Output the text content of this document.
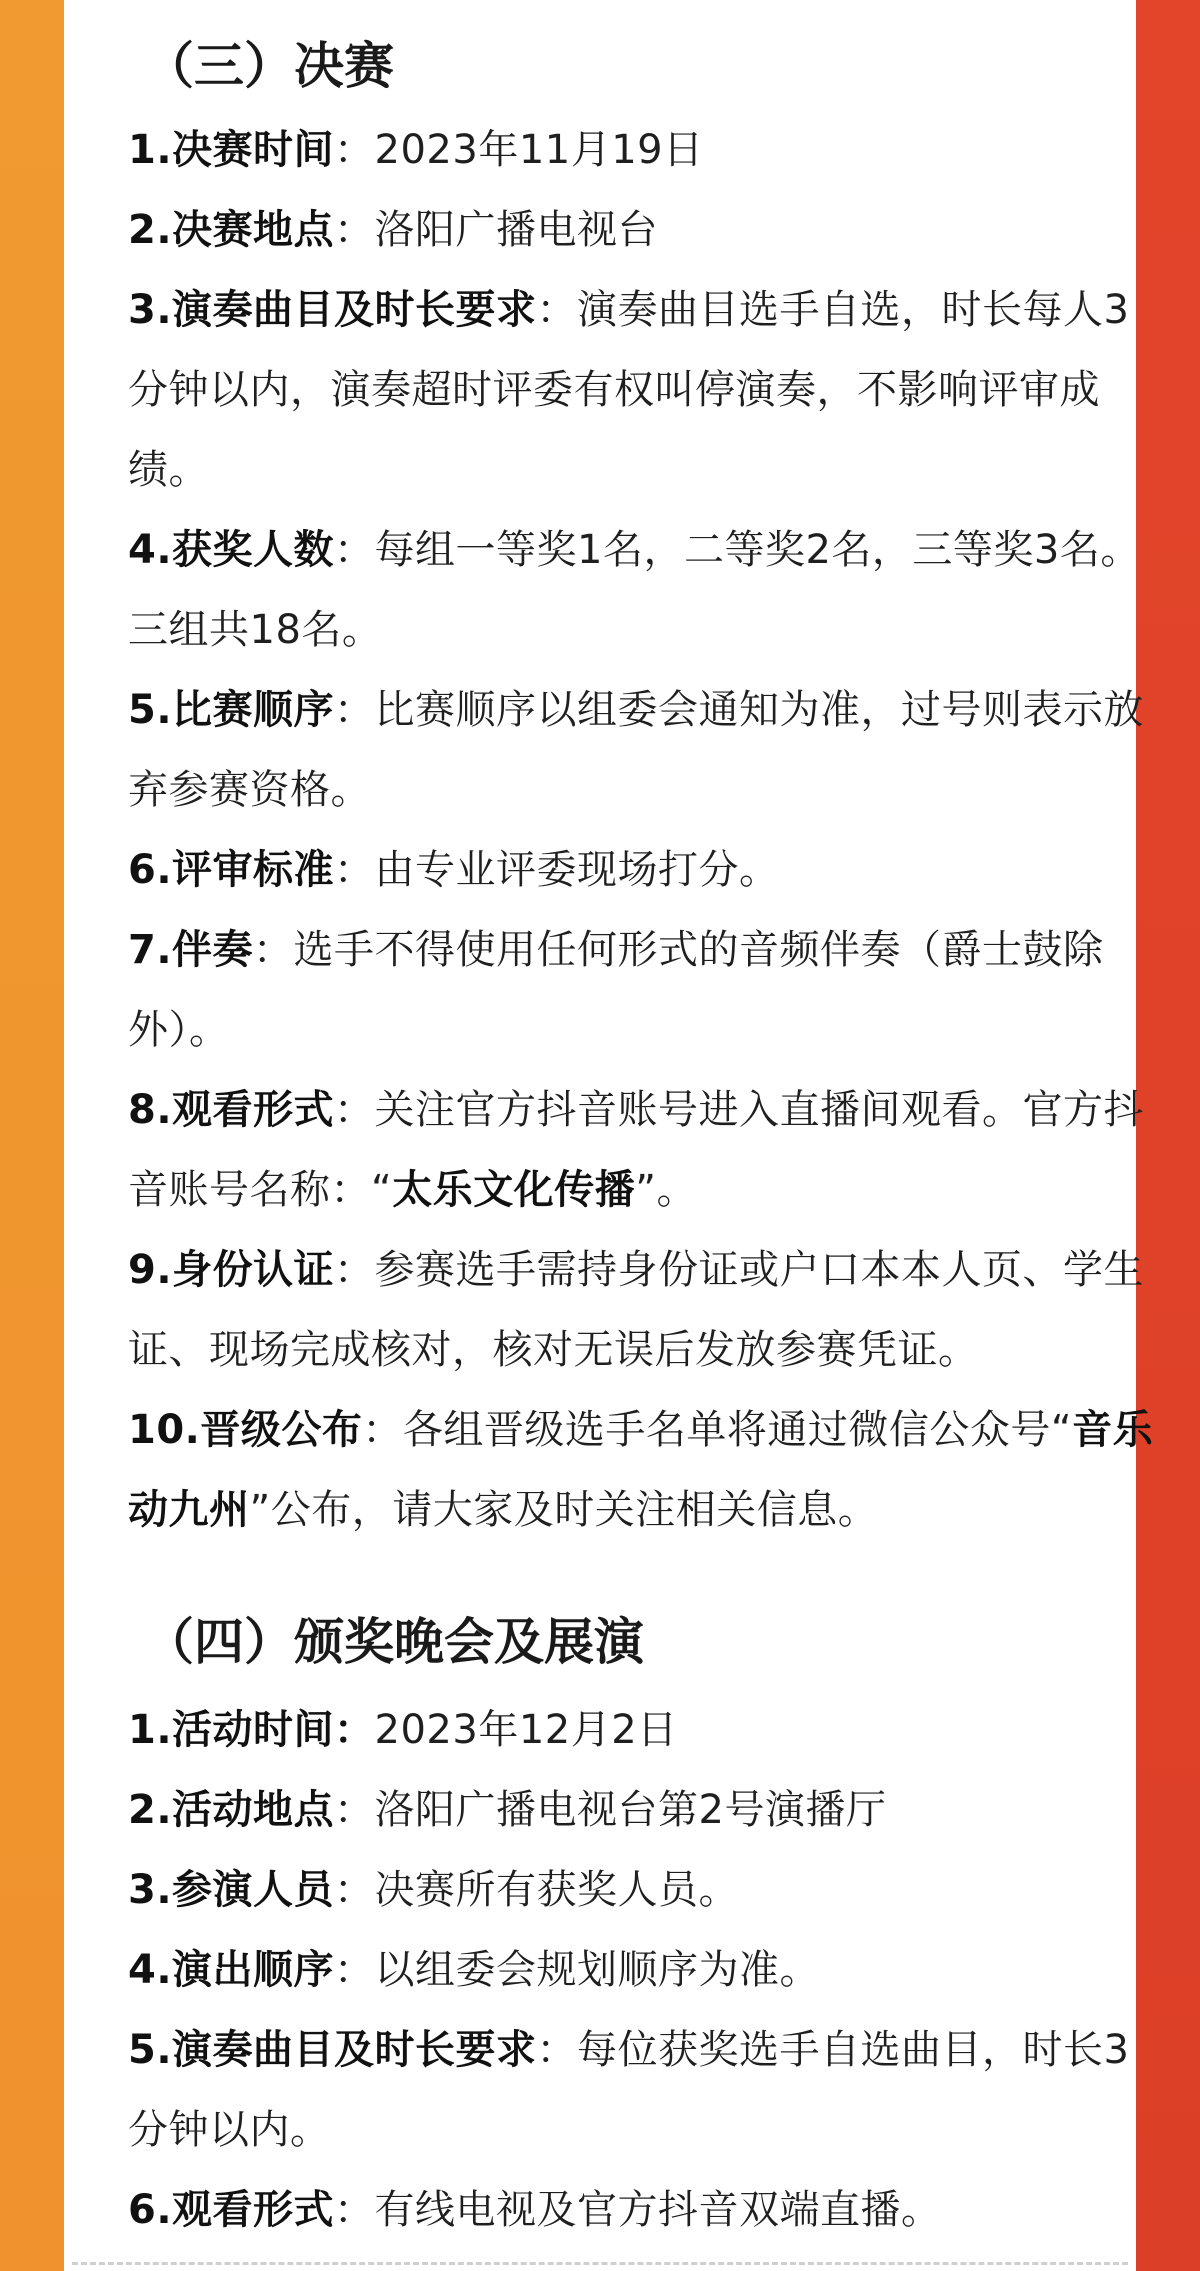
（三）决赛
1.决赛时间：2023年11月19日
2.决赛地点：洛阳广播电视台
3.演奏曲目及时长要求：演奏曲目选手自选，时长每人3分钟以内，演奏超时评委有权叫停演奏，不影响评审成绩。
4.获奖人数：每组一等奖1名，二等奖2名，三等奖3名。三组共18名。
5.比赛顺序：比赛顺序以组委会通知为准，过号则表示放弃参赛资格。
6.评审标准：由专业评委现场打分。
7.伴奏：选手不得使用任何形式的音频伴奏（爵士鼓除外）。
8.观看形式：关注官方抖音账号进入直播间观看。官方抖音账号名称：“太乐文化传播”。
9.身份认证：参赛选手需持身份证或户口本本人页、学生证、现场完成核对，核对无误后发放参赛凭证。
10.晋级公布：各组晋级选手名单将通过微信公众号“音乐动九州”公布，请大家及时关注相关信息。
（四）颁奖晚会及展演
1.活动时间：2023年12月2日
2.活动地点：洛阳广播电视台第2号演播厅
3.参演人员：决赛所有获奖人员。
4.演出顺序：以组委会规划顺序为准。
5.演奏曲目及时长要求：每位获奖选手自选曲目，时长3分钟以内。
6.观看形式：有线电视及官方抖音双端直播。
